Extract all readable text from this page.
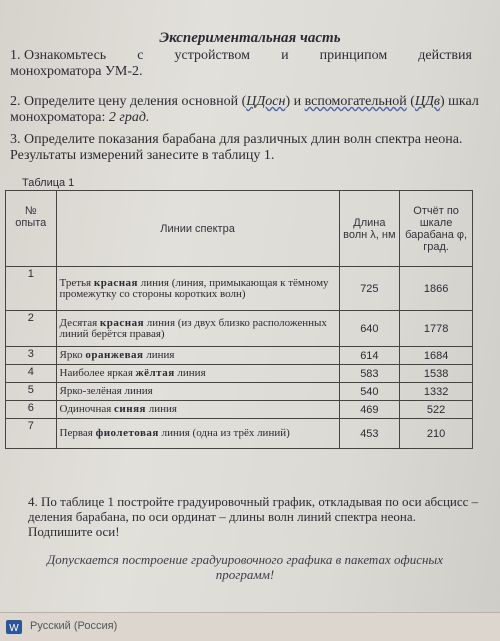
Экспериментальная часть
1. Ознакомьтесь с устройством и принципом действия
монохроматора УМ-2.
2. Определите цену деления основной (ЦДосн) и вспомогательной (ЦДв) шкал монохроматора: 2 град.
3. Определите показания барабана для различных длин волн спектра неона. Результаты измерений занесите в таблицу 1.
Таблица 1
№ опыта	Линии спектра	Длина волн λ, нм	Отчёт по шкале барабана φ, град.
1	Третья красная линия (линия, примыкающая к тёмному промежутку со стороны коротких волн)	725	1866
2	Десятая красная линия (из двух близко расположенных линий берётся правая)	640	1778
3	Ярко оранжевая линия	614	1684
4	Наиболее яркая жёлтая линия	583	1538
5	Ярко-зелёная линия	540	1332
6	Одиночная синяя линия	469	522
7	Первая фиолетовая линия (одна из трёх линий)	453	210
4. По таблице 1 постройте градуировочный график, откладывая по оси абсцисс – деления барабана, по оси ординат – длины волн линий спектра неона. Подпишите оси!
Допускается построение градуировочного графика в пакетах офисных программ!
W Русский (Россия)
